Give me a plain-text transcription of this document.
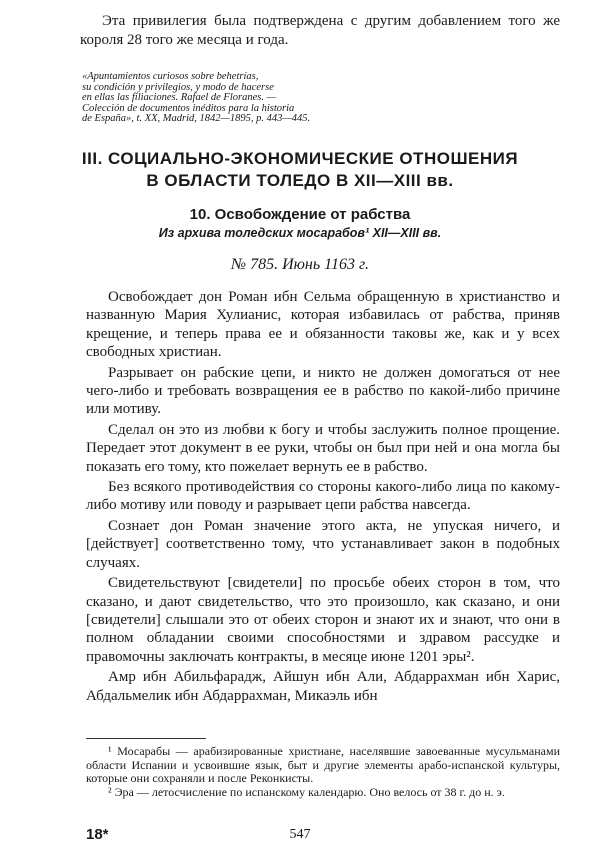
Эта привилегия была подтверждена с другим добавлением того же короля 28 того же месяца и года.

«Apuntamientos curiosos sobre behetrías,
su condición y privilegios, y modo de hacerse
en ellas las filiaciones. Rafael de Floranes. —
Colección de documentos inéditos para la historia
de España», t. XX, Madrid, 1842—1895, p. 443—445.
III. СОЦИАЛЬНО-ЭКОНОМИЧЕСКИЕ ОТНОШЕНИЯ
В ОБЛАСТИ ТОЛЕДО В XII—XIII вв.
10. Освобождение от рабства
Из архива толедских мосарабов¹ XII—XIII вв.
№ 785. Июнь 1163 г.

Освобождает дон Роман ибн Сельма обращенную в христианство и названную Мария Хулианис, которая избавилась от рабства, приняв крещение, и теперь права ее и обязанности таковы же, как и у всех свободных христиан.

Разрывает он рабские цепи, и никто не должен домогаться от нее чего-либо и требовать возвращения ее в рабство по какой-либо причине или мотиву.

Сделал он это из любви к богу и чтобы заслужить полное прощение. Передает этот документ в ее руки, чтобы он был при ней и она могла бы показать его тому, кто пожелает вернуть ее в рабство.

Без всякого противодействия со стороны какого-либо лица по какому-либо мотиву или поводу и разрывает цепи рабства навсегда.

Сознает дон Роман значение этого акта, не упуская ничего, и [действует] соответственно тому, что устанавливает закон в подобных случаях.

Свидетельствуют [свидетели] по просьбе обеих сторон в том, что сказано, и дают свидетельство, что это произошло, как сказано, и они [свидетели] слышали это от обеих сторон и знают их и знают, что они в полном обладании своими способностями и здравом рассудке и правомочны заключать контракты, в месяце июне 1201 эры².

Амр ибн Абильфарадж, Айшун ибн Али, Абдаррахман ибн Харис, Абдальмелик ибн Абдаррахман, Микаэль ибн

¹ Мосарабы — арабизированные христиане, населявшие завоеванные мусульманами области Испании и усвоившие язык, быт и другие элементы арабо-испанской культуры, которые они сохраняли и после Реконкисты.

² Эра — летосчисление по испанскому календарю. Оно велось от 38 г. до н. э.

18*	547
